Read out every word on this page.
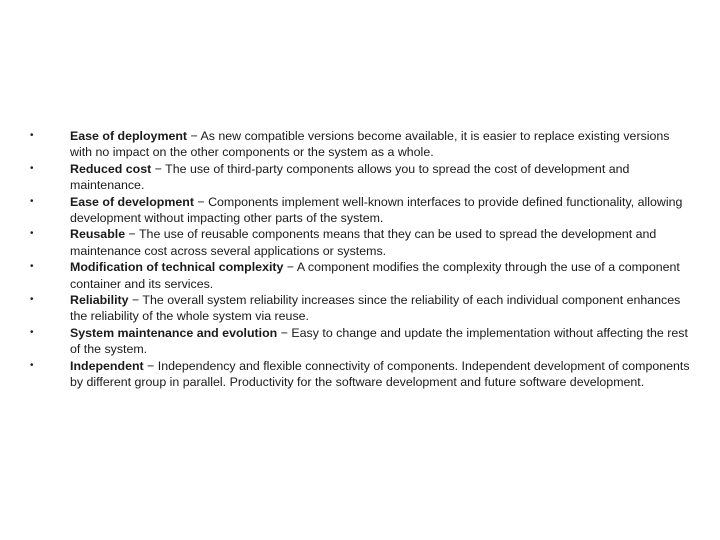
•	Ease of deployment − As new compatible versions become available, it is easier to replace existing versions with no impact on the other components or the system as a whole.
•	Reduced cost − The use of third-party components allows you to spread the cost of development and maintenance.
•	Ease of development − Components implement well-known interfaces to provide defined functionality, allowing development without impacting other parts of the system.
•	Reusable − The use of reusable components means that they can be used to spread the development and maintenance cost across several applications or systems.
•	Modification of technical complexity − A component modifies the complexity through the use of a component container and its services.
•	Reliability − The overall system reliability increases since the reliability of each individual component enhances the reliability of the whole system via reuse.
•	System maintenance and evolution − Easy to change and update the implementation without affecting the rest of the system.
•	Independent − Independency and flexible connectivity of components. Independent development of components by different group in parallel. Productivity for the software development and future software development.
